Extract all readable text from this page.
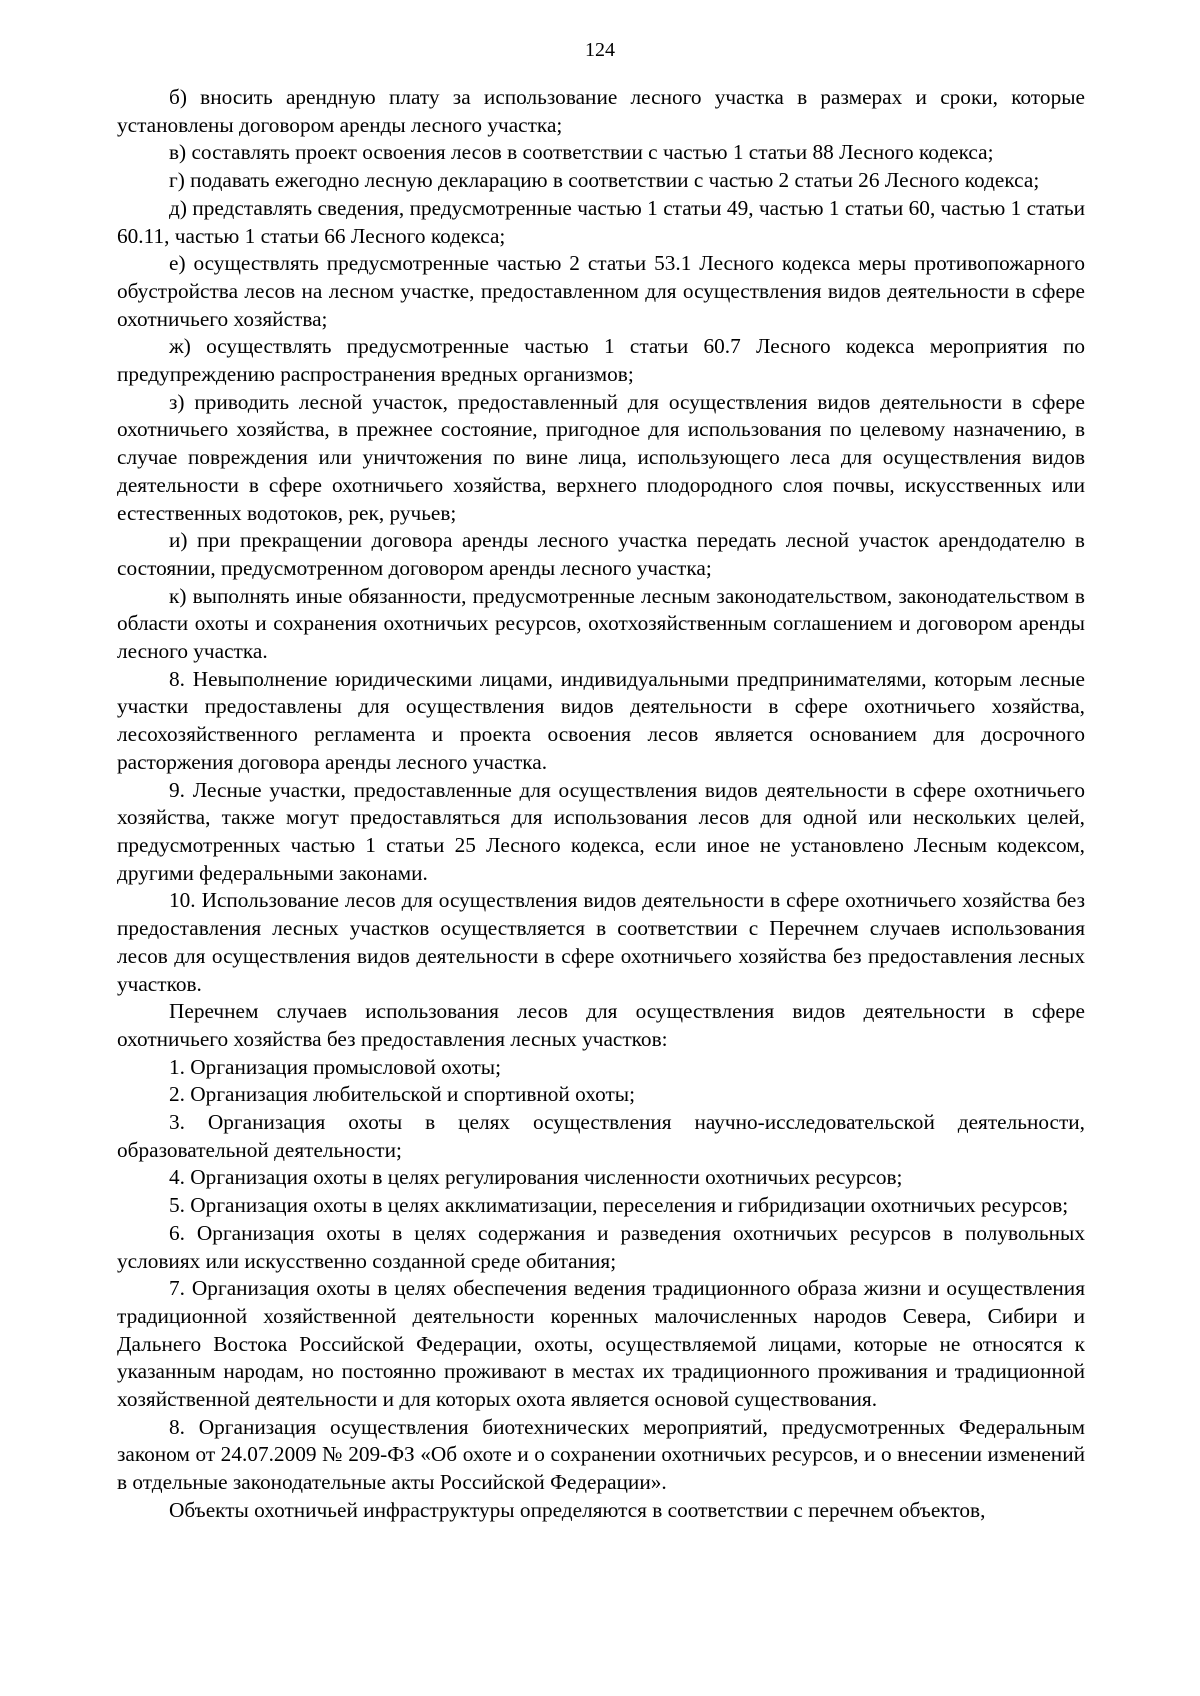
124

б) вносить арендную плату за использование лесного участка в размерах и сроки, которые установлены договором аренды лесного участка;

в) составлять проект освоения лесов в соответствии с частью 1 статьи 88 Лесного кодекса;

г) подавать ежегодно лесную декларацию в соответствии с частью 2 статьи 26 Лесного кодекса;

д) представлять сведения, предусмотренные частью 1 статьи 49, частью 1 статьи 60, частью 1 статьи 60.11, частью 1 статьи 66 Лесного кодекса;

е) осуществлять предусмотренные частью 2 статьи 53.1 Лесного кодекса меры противопожарного обустройства лесов на лесном участке, предоставленном для осуществления видов деятельности в сфере охотничьего хозяйства;

ж) осуществлять предусмотренные частью 1 статьи 60.7 Лесного кодекса мероприятия по предупреждению распространения вредных организмов;

з) приводить лесной участок, предоставленный для осуществления видов деятельности в сфере охотничьего хозяйства, в прежнее состояние, пригодное для использования по целевому назначению, в случае повреждения или уничтожения по вине лица, использующего леса для осуществления видов деятельности в сфере охотничьего хозяйства, верхнего плодородного слоя почвы, искусственных или естественных водотоков, рек, ручьев;

и) при прекращении договора аренды лесного участка передать лесной участок арендодателю в состоянии, предусмотренном договором аренды лесного участка;

к) выполнять иные обязанности, предусмотренные лесным законодательством, законодательством в области охоты и сохранения охотничьих ресурсов, охотхозяйственным соглашением и договором аренды лесного участка.

8. Невыполнение юридическими лицами, индивидуальными предпринимателями, которым лесные участки предоставлены для осуществления видов деятельности в сфере охотничьего хозяйства, лесохозяйственного регламента и проекта освоения лесов является основанием для досрочного расторжения договора аренды лесного участка.

9. Лесные участки, предоставленные для осуществления видов деятельности в сфере охотничьего хозяйства, также могут предоставляться для использования лесов для одной или нескольких целей, предусмотренных частью 1 статьи 25 Лесного кодекса, если иное не установлено Лесным кодексом, другими федеральными законами.

10. Использование лесов для осуществления видов деятельности в сфере охотничьего хозяйства без предоставления лесных участков осуществляется в соответствии с Перечнем случаев использования лесов для осуществления видов деятельности в сфере охотничьего хозяйства без предоставления лесных участков.

Перечнем случаев использования лесов для осуществления видов деятельности в сфере охотничьего хозяйства без предоставления лесных участков:

1. Организация промысловой охоты;

2. Организация любительской и спортивной охоты;

3. Организация охоты в целях осуществления научно-исследовательской деятельности, образовательной деятельности;

4. Организация охоты в целях регулирования численности охотничьих ресурсов;

5. Организация охоты в целях акклиматизации, переселения и гибридизации охотничьих ресурсов;

6. Организация охоты в целях содержания и разведения охотничьих ресурсов в полувольных условиях или искусственно созданной среде обитания;

7. Организация охоты в целях обеспечения ведения традиционного образа жизни и осуществления традиционной хозяйственной деятельности коренных малочисленных народов Севера, Сибири и Дальнего Востока Российской Федерации, охоты, осуществляемой лицами, которые не относятся к указанным народам, но постоянно проживают в местах их традиционного проживания и традиционной хозяйственной деятельности и для которых охота является основой существования.

8. Организация осуществления биотехнических мероприятий, предусмотренных Федеральным законом от 24.07.2009 № 209-ФЗ «Об охоте и о сохранении охотничьих ресурсов, и о внесении изменений в отдельные законодательные акты Российской Федерации».

Объекты охотничьей инфраструктуры определяются в соответствии с перечнем объектов,
